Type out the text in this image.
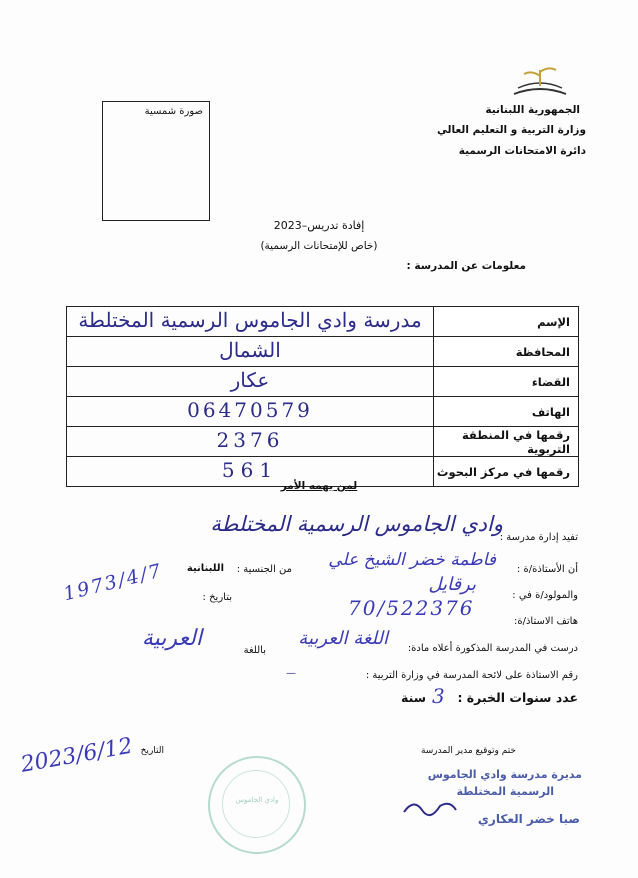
الجمهورية اللبنانية
وزارة التربية و التعليم العالي
دائرة الامتحانات الرسمية
صورة شمسية
إفادة تدريس–2023
(خاص للإمتحانات الرسمية)
معلومات عن المدرسة :
مدرسة وادي الجاموس الرسمية المختلطة	الإسم

الشمال	المحافظة

عكار	القضاء

06470579	الهاتف

2376	رقمها في المنطقة التربوية

561	رقمها في مركز البحوث
لمن يهمه الأمر
تفيد إدارة مدرسة :
وادي الجاموس الرسمية المختلطة
أن الأستاذة/ة :
فاطمة خضر الشيخ علي
من الجنسية :
اللبنانية
والمولود/ة في :
برقايل
بتاريخ :
1973/4/7
هاتف الاستاذ/ة:
70/522376
درست في المدرسة المذكورة أعلاه مادة:
اللغة العربية
باللغة
العربية
رقم الاستاذة على لائحة المدرسة في وزارة التربية :
—
عدد سنوات الخبرة :
3
سنة
التاريخ
2023/6/12	ختم وتوقيع مدير المدرسة
وادي الجاموس
مديرة مدرسة وادي الجاموس
الرسمية المختلطة
صبا خضر العكاري
